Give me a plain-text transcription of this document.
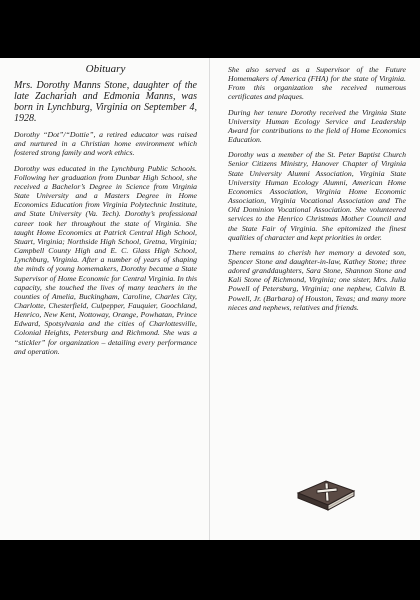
Obituary

Mrs. Dorothy Manns Stone, daughter of the late Zachariah and Edmonia Manns, was born in Lynchburg, Virginia on September 4, 1928.

Dorothy “Dot”/“Dottie”, a retired educator was raised and nurtured in a Christian home environment which fostered strong family and work ethics.

Dorothy was educated in the Lynchburg Public Schools. Following her graduation from Dunbar High School, she received a Bachelor’s Degree in Science from Virginia State University and a Masters Degree in Home Economics Education from Virginia Polytechnic Institute, and State University (Va. Tech). Dorothy’s professional career took her throughout the state of Virginia. She taught Home Economics at Patrick Central High School, Stuart, Virginia; Northside High School, Gretna, Virginia; Campbell County High and E. C. Glass High School, Lynchburg, Virginia. After a number of years of shaping the minds of young homemakers, Dorothy became a State Supervisor of Home Economic for Central Virginia. In this capacity, she touched the lives of many teachers in the counties of Amelia, Buckingham, Caroline, Charles City, Charlotte, Chesterfield, Culpepper, Fauquier, Goochland, Henrico, New Kent, Nottoway, Orange, Powhatan, Prince Edward, Spotsylvania and the cities of Charlottesville, Colonial Heights, Petersburg and Richmond. She was a “stickler” for organization – detailing every performance and operation.

She also served as a Supervisor of the Future Homemakers of America (FHA) for the state of Virginia. From this organization she received numerous certificates and plaques.

During her tenure Dorothy received the Virginia State University Human Ecology Service and Leadership Award for contributions to the field of Home Economics Education.

Dorothy was a member of the St. Peter Baptist Church Senior Citizens Ministry, Hanover Chapter of Virginia State University Alumni Association, Virginia State University Human Ecology Alumni, American Home Economics Association, Virginia Home Economic Association, Virginia Vocational Association and The Old Dominion Vocational Association. She volunteered services to the Henrico Christmas Mother Council and the State Fair of Virginia. She epitomized the finest qualities of character and kept priorities in order.

There remains to cherish her memory a devoted son, Spencer Stone and daughter-in-law, Kathey Stone; three adored granddaughters, Sara Stone, Shannon Stone and Kali Stone of Richmond, Virginia; one sister, Mrs. Julia Powell of Petersburg, Virginia; one nephew, Calvin B. Powell, Jr. (Barbara) of Houston, Texas; and many more nieces and nephews, relatives and friends.
